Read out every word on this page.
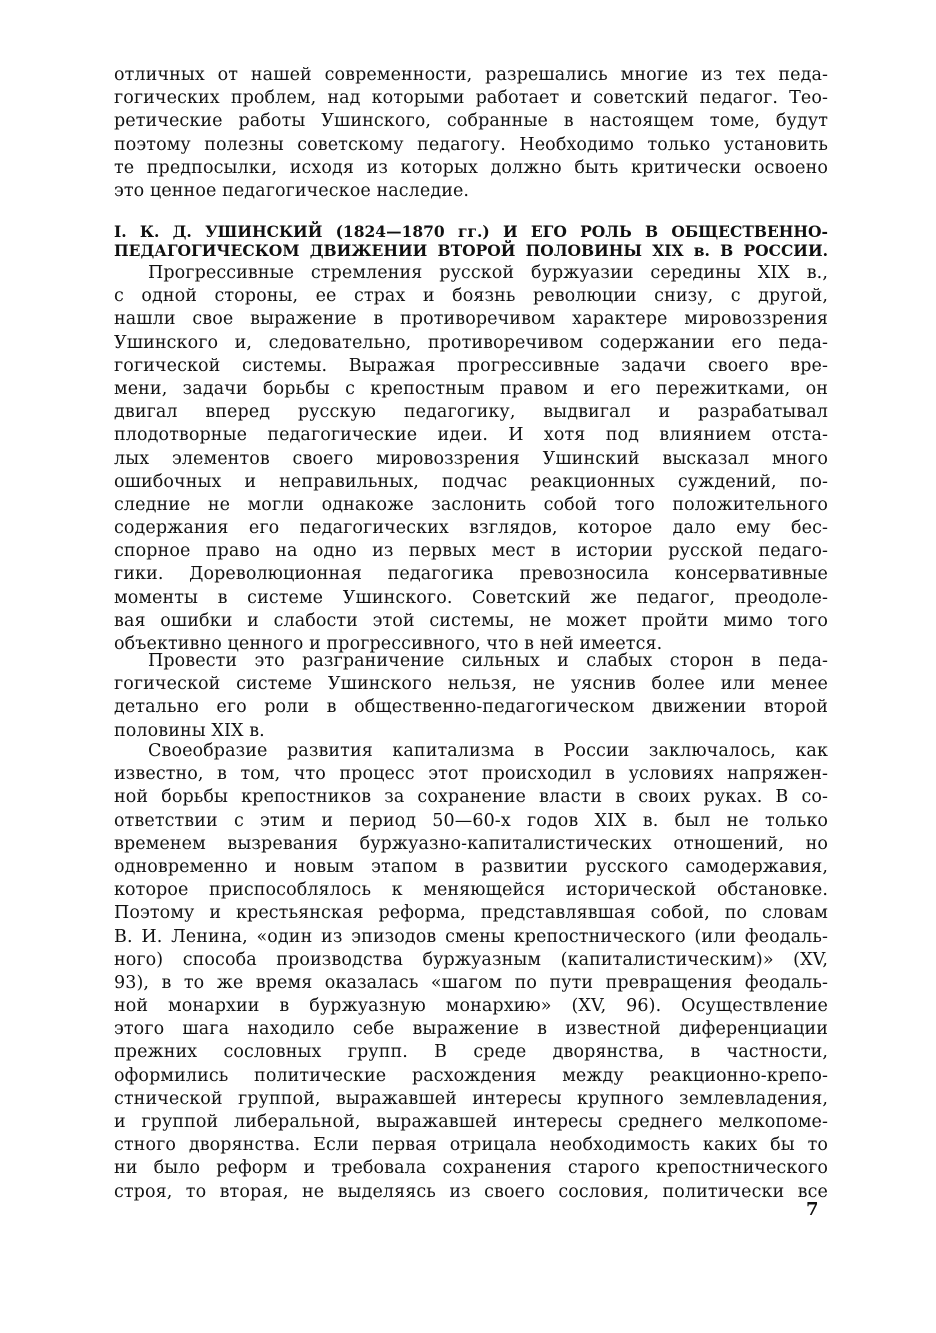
отличных от нашей современности, разрешались многие из тех педа-
гогических проблем, над которыми работает и советский педагог. Тео-
ретические работы Ушинского, собранные в настоящем томе, будут
поэтому полезны советскому педагогу. Необходимо только установить
те предпосылки, исходя из которых должно быть критически освоено
это ценное педагогическое наследие.
I. К. Д. УШИНСКИЙ (1824—1870 гг.) И ЕГО РОЛЬ В ОБЩЕСТВЕННО-
ПЕДАГОГИЧЕСКОМ ДВИЖЕНИИ ВТОРОЙ ПОЛОВИНЫ XIX в. В РОССИИ.
Прогрессивные стремления русской буржуазии середины XIX в.,
с одной стороны, ее страх и боязнь революции снизу, с другой,
нашли свое выражение в противоречивом характере мировоззрения
Ушинского и, следовательно, противоречивом содержании его педа-
гогической системы. Выражая прогрессивные задачи своего вре-
мени, задачи борьбы с крепостным правом и его пережитками, он
двигал вперед русскую педагогику, выдвигал и разрабатывал
плодотворные педагогические идеи. И хотя под влиянием отста-
лых элементов своего мировоззрения Ушинский высказал много
ошибочных и неправильных, подчас реакционных суждений, по-
следние не могли однакоже заслонить собой того положительного
содержания его педагогических взглядов, которое дало ему бес-
спорное право на одно из первых мест в истории русской педаго-
гики. Дореволюционная педагогика превозносила консервативные
моменты в системе Ушинского. Советский же педагог, преодоле-
вая ошибки и слабости этой системы, не может пройти мимо того
объективно ценного и прогрессивного, что в ней имеется.
Провести это разграничение сильных и слабых сторон в педа-
гогической системе Ушинского нельзя, не уяснив более или менее
детально его роли в общественно-педагогическом движении второй
половины XIX в.
Своеобразие развития капитализма в России заключалось, как
известно, в том, что процесс этот происходил в условиях напряжен-
ной борьбы крепостников за сохранение власти в своих руках. В со-
ответствии с этим и период 50—60-х годов XIX в. был не только
временем вызревания буржуазно-капиталистических отношений, но
одновременно и новым этапом в развитии русского самодержавия,
которое приспособлялось к меняющейся исторической обстановке.
Поэтому и крестьянская реформа, представлявшая собой, по словам
В. И. Ленина, «один из эпизодов смены крепостнического (или феодаль-
ного) способа производства буржуазным (капиталистическим)» (XV,
93), в то же время оказалась «шагом по пути превращения феодаль-
ной монархии в буржуазную монархию» (XV, 96). Осуществление
этого шага находило себе выражение в известной диференциации
прежних сословных групп. В среде дворянства, в частности,
оформились политические расхождения между реакционно-крепо-
стнической группой, выражавшей интересы крупного землевладения,
и группой либеральной, выражавшей интересы среднего мелкопоме-
стного дворянства. Если первая отрицала необходимость каких бы то
ни было реформ и требовала сохранения старого крепостнического
строя, то вторая, не выделяясь из своего сословия, политически все
7
